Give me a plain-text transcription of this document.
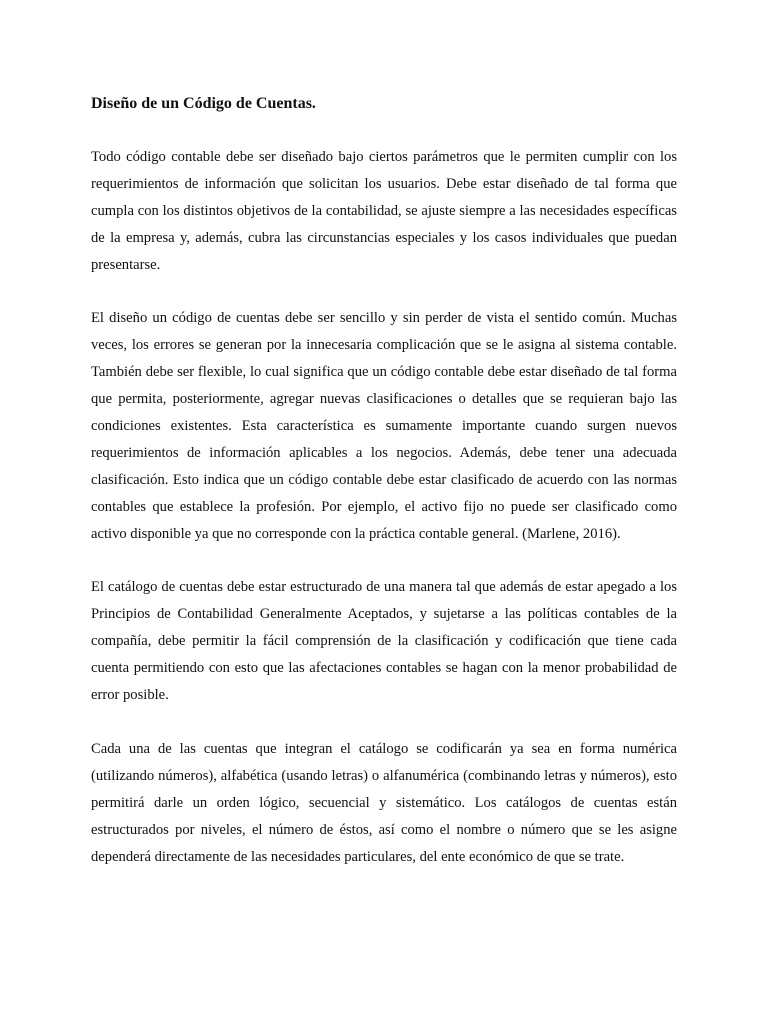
Diseño de un Código de Cuentas.

Todo código contable debe ser diseñado bajo ciertos parámetros que le permiten cumplir con los requerimientos de información que solicitan los usuarios. Debe estar diseñado de tal forma que cumpla con los distintos objetivos de la contabilidad, se ajuste siempre a las necesidades específicas de la empresa y, además, cubra las circunstancias especiales y los casos individuales que puedan presentarse.

El diseño un código de cuentas debe ser sencillo y sin perder de vista el sentido común. Muchas veces, los errores se generan por la innecesaria complicación que se le asigna al sistema contable. También debe ser flexible, lo cual significa que un código contable debe estar diseñado de tal forma que permita, posteriormente, agregar nuevas clasificaciones o detalles que se requieran bajo las condiciones existentes. Esta característica es sumamente importante cuando surgen nuevos requerimientos de información aplicables a los negocios. Además, debe tener una adecuada clasificación. Esto indica que un código contable debe estar clasificado de acuerdo con las normas contables que establece la profesión. Por ejemplo, el activo fijo no puede ser clasificado como activo disponible ya que no corresponde con la práctica contable general. (Marlene, 2016).

El catálogo de cuentas debe estar estructurado de una manera tal que además de estar apegado a los Principios de Contabilidad Generalmente Aceptados, y sujetarse a las políticas contables de la compañía, debe permitir la fácil comprensión de la clasificación y codificación que tiene cada cuenta permitiendo con esto que las afectaciones contables se hagan con la menor probabilidad de error posible.

Cada una de las cuentas que integran el catálogo se codificarán ya sea en forma numérica (utilizando números), alfabética (usando letras) o alfanumérica (combinando letras y números), esto permitirá darle un orden lógico, secuencial y sistemático. Los catálogos de cuentas están estructurados por niveles, el número de éstos, así como el nombre o número que se les asigne dependerá directamente de las necesidades particulares, del ente económico de que se trate.
